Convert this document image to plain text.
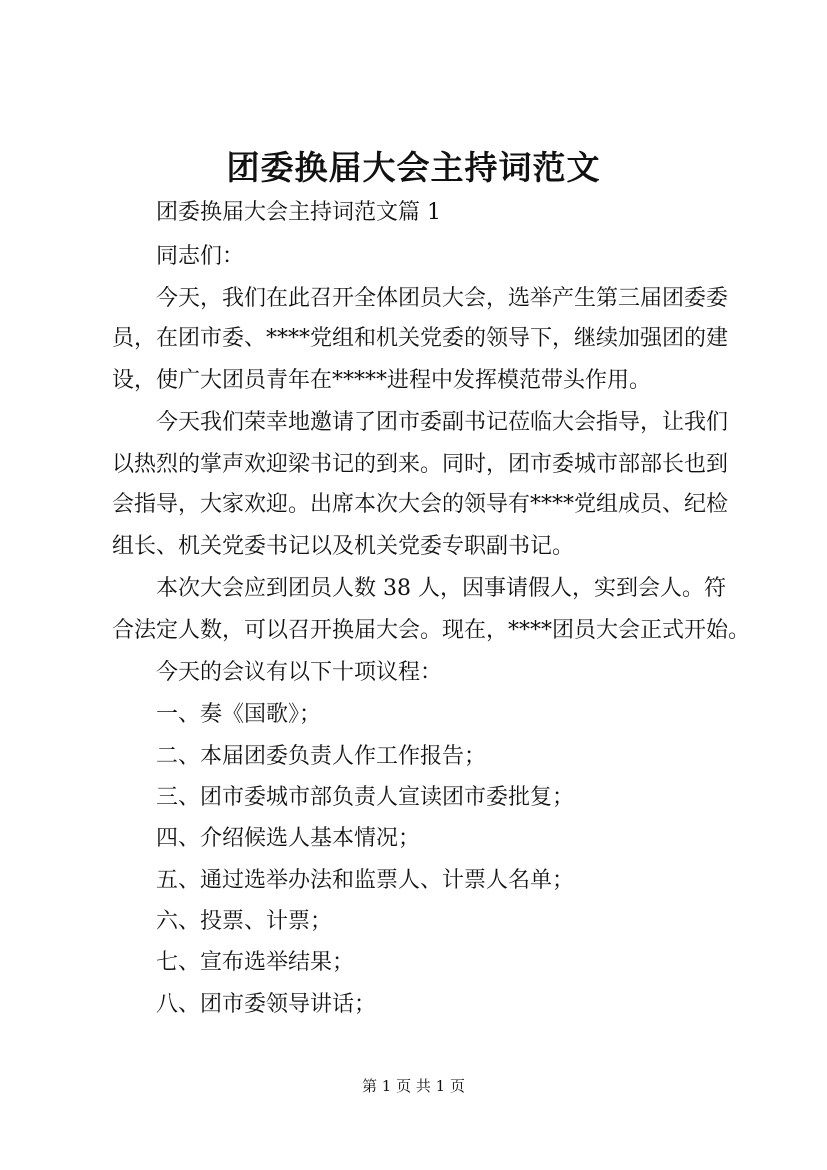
团委换届大会主持词范文
团委换届大会主持词范文篇 1
同志们：
今天，我们在此召开全体团员大会，选举产生第三届团委委
员，在团市委、****党组和机关党委的领导下，继续加强团的建
设，使广大团员青年在*****进程中发挥模范带头作用。
今天我们荣幸地邀请了团市委副书记莅临大会指导，让我们
以热烈的掌声欢迎梁书记的到来。同时，团市委城市部部长也到
会指导，大家欢迎。出席本次大会的领导有****党组成员、纪检
组长、机关党委书记以及机关党委专职副书记。
本次大会应到团员人数 38 人，因事请假人，实到会人。符
合法定人数，可以召开换届大会。现在，****团员大会正式开始。
今天的会议有以下十项议程：
一、奏《国歌》；
二、本届团委负责人作工作报告；
三、团市委城市部负责人宣读团市委批复；
四、介绍候选人基本情况；
五、通过选举办法和监票人、计票人名单；
六、投票、计票；
七、宣布选举结果；
八、团市委领导讲话；
第 1 页 共 1 页
